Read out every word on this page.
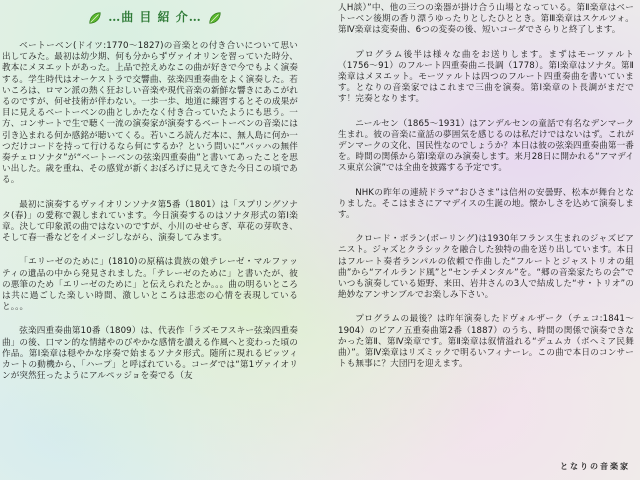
…曲 目 紹 介…

ベートーベン(ドイツ:1770～1827)の音楽との付き合いについて思い出してみた。最初は幼少期、何も分からずヴァイオリンを習っていた時分、教本にメヌエットがあった。上品で控えめなこの曲が好きで今でもよく演奏する。学生時代はオーケストラで交響曲、弦楽四重奏曲をよく演奏した。若いころは、ロマン派の熱く狂おしい音楽や現代音楽の新鮮な響きにあこがれるのですが、何せ技術が伴わない。一歩一歩、地道に練習するとその成果が目に見えるベートーベンの曲としかたなく付き合っていたようにも思う。一方、コンサートで生で聴く一流の演奏家が演奏するベートーベンの音楽には引き込まれる何か感銘が聴いてくる。若いころ読んだ本に、無人島に何か一つだけコードを持って行けるなら何にするか？という問いに“バッハの無伴奏チェロソナタ”が“ベートーベンの弦楽四重奏曲”と書いてあったことを思い出した。歳を重ね、その感覚が新くおぼろげに見えてきた今日この頃である。

最初に演奏するヴァイオリンソナタ第5番（1801）は「スプリングソナタ(春)」の愛称で親しまれています。今日演奏するのはソナタ形式の第Ⅰ楽章。決して印象派の曲ではないのですが、小川のせせらぎ、草花の芽吹き、そして春一番などをイメージしながら、演奏してみます。

「エリーゼのために」(1810)の原稿は貴族の娘テレーゼ・マルファッティの遺品の中から発見されました。「テレーゼのために」と書いたが、彼の悪筆のため「エリーゼのために」と伝えられたとか。。。曲の明るいところは共に過ごした楽しい時間、激しいところは悲恋の心情を表現していると。。。

弦楽四重奏曲第10番（1809）は、代表作「ラズモフスキー弦楽四重奏曲」の後、口マン的な情緒やのびやかな感情を讃える作風へと変わった頃の作品。第Ⅰ楽章は穏やかな序奏で始まるソナタ形式。随所に現れるピッツィカートの動機から、「ハープ」と呼ばれている。コーダでは“第1ヴァイオリンが突然狂ったようにアルペッジョを奏でる（友

人H談）”中、他の三つの楽器が掛け合う山場となっている。第Ⅱ楽章はベートーベン後期の香り漂うゆったりとしたひととき。第Ⅲ楽章はスケルツォ。第Ⅳ楽章は変奏曲、6つの変奏の後、短いコーダでさらりと終了します。

プログラム後半は様々な曲をお送りします。まずはモーツァルト（1756～91）のフルート四重奏曲ニ長調（1778）。第Ⅰ楽章はソナタ。第Ⅱ楽章はメヌエット。モーツァルトは四つのフルート四重奏曲を書いています。となりの音楽家ではこれまで三曲を演奏。第Ⅰ楽章のト長調がまだです！完奏となります。

ニールセン（1865～1931）はアンデルセンの童話で有名なデンマーク生まれ。彼の音楽に童話の夢囲気を感じるのは私だけではないはず。これがデンマークの文化、国民性なのでしょうか？本日は彼の弦楽四重奏曲第一番を。時間の関係から第Ⅰ楽章のみ演奏します。来月28日に開かれる“アマデイス東京公演”では全曲を披露する予定です。

NHKの昨年の連続ドラマ“おひさま”は信州の安曇野、松本が舞台となりました。そこはまさにアマデイスの生誕の地。懐かしさを込めて演奏します。

クロード・ボラン(ボーリング)は1930年フランス生まれのジャズピアニスト。ジャズとクラシックを融合した独特の曲を送り出しています。本日はフルート奏者ランパルの依頼で作曲した“フルートとジャストリオの組曲”から“アイルランド風”と“センチメンタル”を。“郷の音楽家たちの会”でいつも演奏している姫野、来田、岩井さんの3人で結成した“サ・トリオ”の絶妙なアンサンブルでお楽しみ下さい。

プログラムの最後？は昨年演奏したドヴォルザーク（チェコ:1841～1904）のピアノ五重奏曲第2番（1887）のうち、時間の関係で演奏できなかった第Ⅱ、第Ⅳ楽章です。第Ⅱ楽章は叙情溢れる“デュムカ（ボヘミア民舞曲）”。第Ⅳ楽章はリズミックで明るいフィナーレ。この曲で本日のコンサートも無事に？大団円を迎えます。

となりの音楽家
